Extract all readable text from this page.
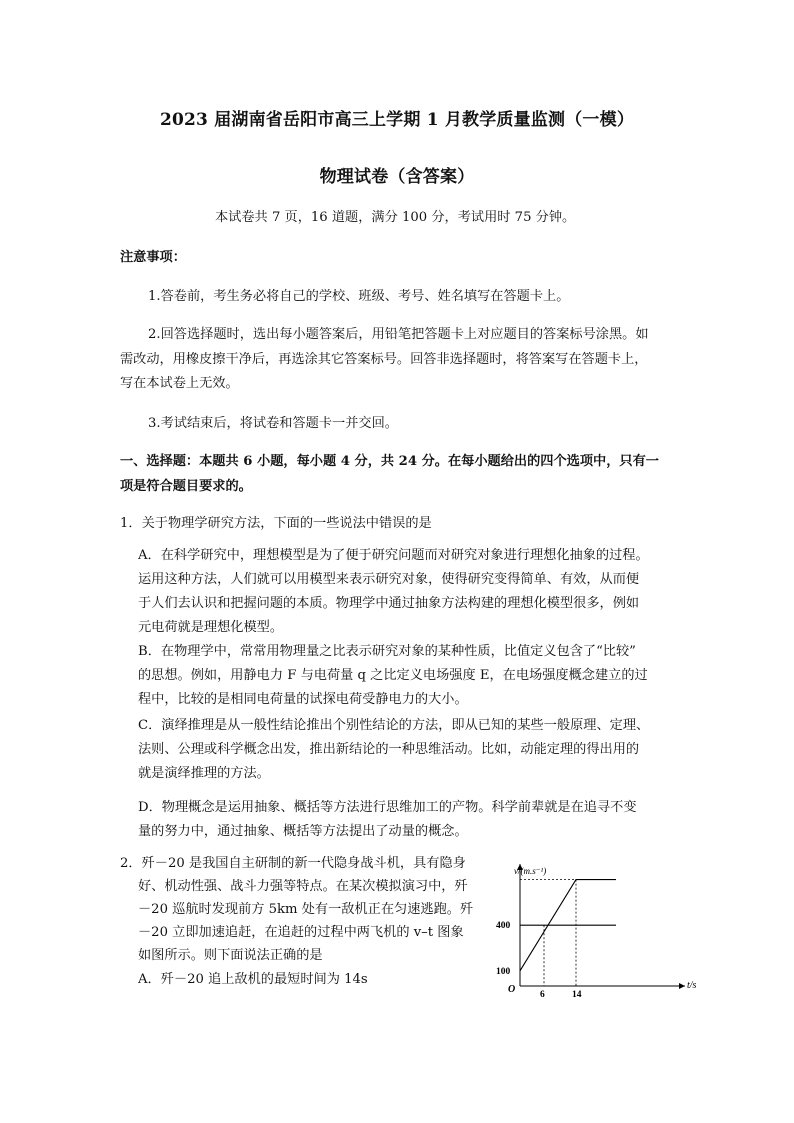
2023 届湖南省岳阳市高三上学期 1 月教学质量监测（一模）
物理试卷（含答案）
本试卷共 7 页，16 道题，满分 100 分，考试用时 75 分钟。
注意事项：
1.答卷前，考生务必将自己的学校、班级、考号、姓名填写在答题卡上。
2.回答选择题时，选出每小题答案后，用铅笔把答题卡上对应题目的答案标号涂黑。如
需改动，用橡皮擦干净后，再选涂其它答案标号。回答非选择题时，将答案写在答题卡上，
写在本试卷上无效。
3.考试结束后，将试卷和答题卡一并交回。
一、选择题：本题共 6 小题，每小题 4 分，共 24 分。在每小题给出的四个选项中，只有一
项是符合题目要求的。
1．关于物理学研究方法，下面的一些说法中错误的是
A．在科学研究中，理想模型是为了便于研究问题而对研究对象进行理想化抽象的过程。
运用这种方法，人们就可以用模型来表示研究对象，使得研究变得简单、有效，从而便
于人们去认识和把握问题的本质。物理学中通过抽象方法构建的理想化模型很多，例如
元电荷就是理想化模型。
B．在物理学中，常常用物理量之比表示研究对象的某种性质，比值定义包含了“比较”
的思想。例如，用静电力 F 与电荷量 q 之比定义电场强度 E，在电场强度概念建立的过
程中，比较的是相同电荷量的试探电荷受静电力的大小。
C．演绎推理是从一般性结论推出个别性结论的方法，即从已知的某些一般原理、定理、
法则、公理或科学概念出发，推出新结论的一种思维活动。比如，动能定理的得出用的
就是演绎推理的方法。
D．物理概念是运用抽象、概括等方法进行思维加工的产物。科学前辈就是在追寻不变
量的努力中，通过抽象、概括等方法提出了动量的概念。
2．歼－20 是我国自主研制的新一代隐身战斗机，具有隐身
好、机动性强、战斗力强等特点。在某次模拟演习中，歼
－20 巡航时发现前方 5km 处有一敌机正在匀速逃跑。歼
－20 立即加速追赶，在追赶的过程中两飞机的 v–t 图象
如图所示。则下面说法正确的是
A．歼－20 追上敌机的最短时间为 14s
v/(m.s⁻¹)
t/s
O	6	14
100
400
